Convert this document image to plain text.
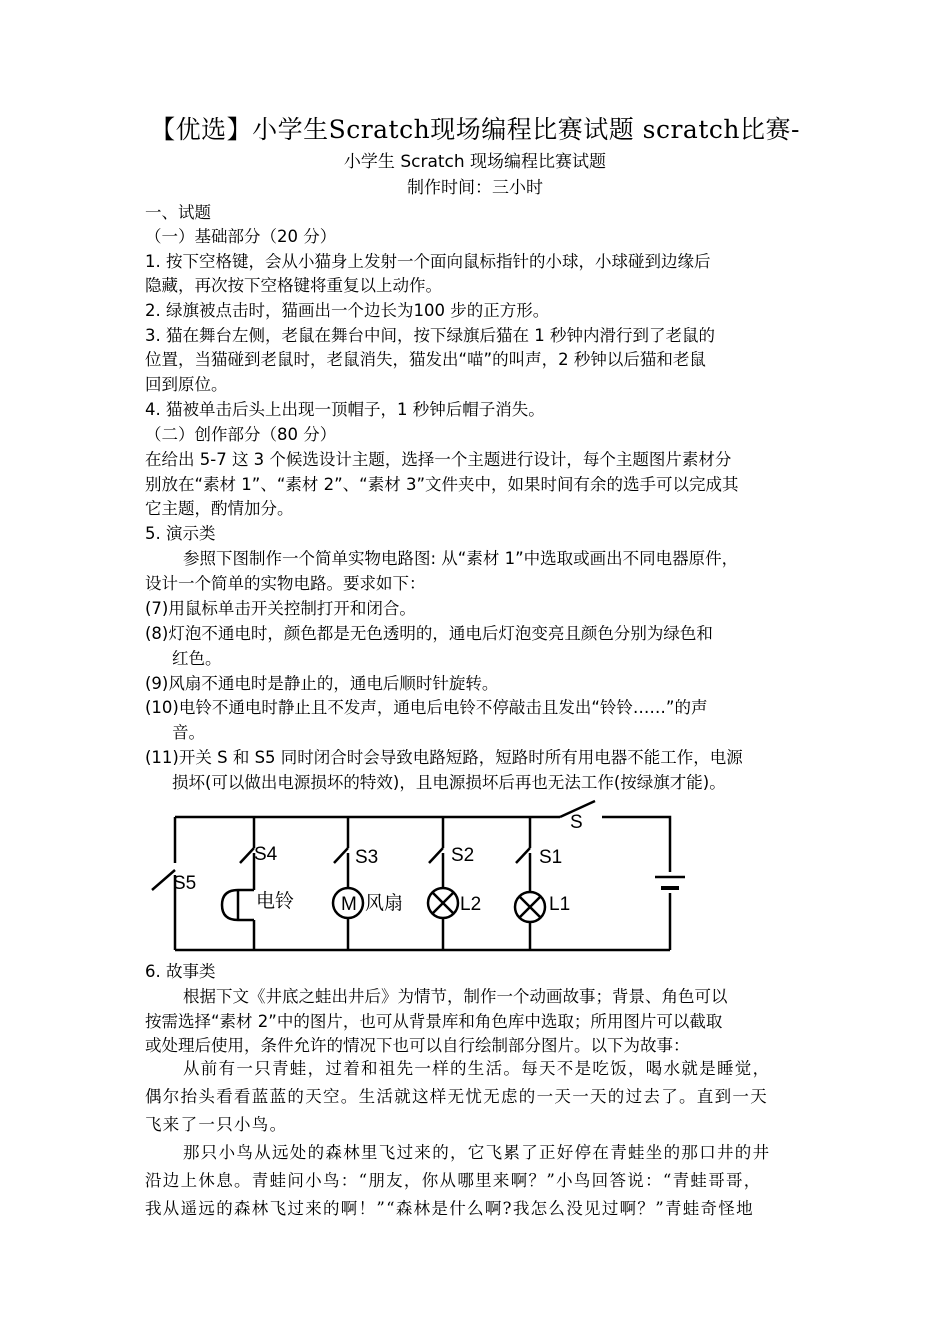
【优选】小学生Scratch现场编程比赛试题 scratch比赛-
小学生 Scratch 现场编程比赛试题
制作时间：三小时
一、试题
（一）基础部分（20 分）
1. 按下空格键，会从小猫身上发射一个面向鼠标指针的小球，小球碰到边缘后
隐藏，再次按下空格键将重复以上动作。
2. 绿旗被点击时，猫画出一个边长为100 步的正方形。
3. 猫在舞台左侧，老鼠在舞台中间，按下绿旗后猫在 1 秒钟内滑行到了老鼠的
位置，当猫碰到老鼠时，老鼠消失，猫发出“喵”的叫声，2 秒钟以后猫和老鼠
回到原位。
4. 猫被单击后头上出现一顶帽子，1 秒钟后帽子消失。
（二）创作部分（80 分）
在给出 5-7 这 3 个候选设计主题，选择一个主题进行设计，每个主题图片素材分
别放在“素材 1”、“素材 2”、“素材 3”文件夹中，如果时间有余的选手可以完成其
它主题，酌情加分。
5. 演示类
参照下图制作一个简单实物电路图: 从“素材 1”中选取或画出不同电器原件，
设计一个简单的实物电路。要求如下：
(7)用鼠标单击开关控制打开和闭合。
(8)灯泡不通电时，颜色都是无色透明的，通电后灯泡变亮且颜色分别为绿色和
红色。
(9)风扇不通电时是静止的，通电后顺时针旋转。
(10)电铃不通电时静止且不发声，通电后电铃不停敲击且发出“铃铃……”的声
音。
(11)开关 S 和 S5 同时闭合时会导致电路短路，短路时所有用电器不能工作，电源
损坏(可以做出电源损坏的特效)，且电源损坏后再也无法工作(按绿旗才能)。
S
S5
S4	S3	S2	S1
电铃 M 风扇	L2	L1
6. 故事类
根据下文《井底之蛙出井后》为情节，制作一个动画故事；背景、角色可以
按需选择“素材 2”中的图片，也可从背景库和角色库中选取；所用图片可以截取
或处理后使用，条件允许的情况下也可以自行绘制部分图片。以下为故事：
从前有一只青蛙，过着和祖先一样的生活。每天不是吃饭，喝水就是睡觉，
偶尔抬头看看蓝蓝的天空。生活就这样无忧无虑的一天一天的过去了。直到一天
飞来了一只小鸟。
那只小鸟从远处的森林里飞过来的，它飞累了正好停在青蛙坐的那口井的井
沿边上休息。青蛙问小鸟：“朋友，你从哪里来啊？”小鸟回答说：“青蛙哥哥，
我从遥远的森林飞过来的啊！”“森林是什么啊?我怎么没见过啊？”青蛙奇怪地
